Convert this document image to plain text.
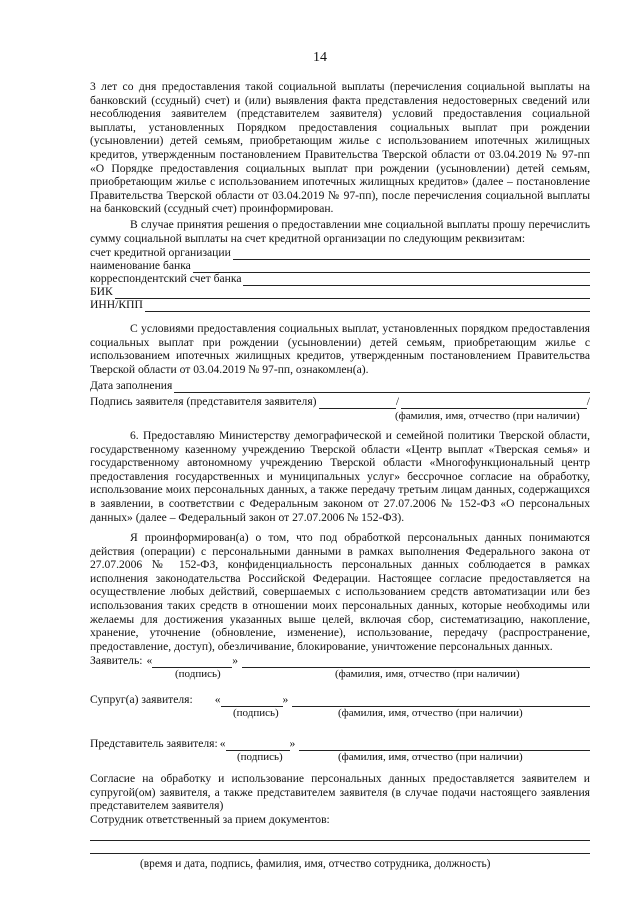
14
3 лет со дня предоставления такой социальной выплаты (перечисления социальной выплаты на банковский (ссудный) счет) и (или) выявления факта представления недостоверных сведений или несоблюдения заявителем (представителем заявителя) условий предоставления социальной выплаты, установленных Порядком предоставления социальных выплат при рождении (усыновлении) детей семьям, приобретающим жилье с использованием ипотечных жилищных кредитов, утвержденным постановлением Правительства Тверской области от 03.04.2019 № 97-пп «О Порядке предоставления социальных выплат при рождении (усыновлении) детей семьям, приобретающим жилье с использованием ипотечных жилищных кредитов» (далее – постановление Правительства Тверской области от 03.04.2019 № 97-пп), после перечисления социальной выплаты на банковский (ссудный счет) проинформирован.
В случае принятия решения о предоставлении мне социальной выплаты прошу перечислить сумму социальной выплаты на счет кредитной организации по следующим реквизитам:
счет кредитной организации
наименование банка
корреспондентский счет банка
БИК
ИНН/КПП
С условиями предоставления социальных выплат, установленных порядком предоставления социальных выплат при рождении (усыновлении) детей семьям, приобретающим жилье с использованием ипотечных жилищных кредитов, утвержденным постановлением Правительства Тверской области от 03.04.2019 № 97-пп, ознакомлен(а).
Дата заполнения
Подпись заявителя (представителя заявителя)	/	/
(фамилия, имя, отчество (при наличии)
6. Предоставляю Министерству демографической и семейной политики Тверской области, государственному казенному учреждению Тверской области «Центр выплат «Тверская семья» и государственному автономному учреждению Тверской области «Многофункциональный центр предоставления государственных и муниципальных услуг» бессрочное согласие на обработку, использование моих персональных данных, а также передачу третьим лицам данных, содержащихся в заявлении, в соответствии с Федеральным законом от 27.07.2006 № 152-ФЗ «О персональных данных» (далее – Федеральный закон от 27.07.2006 № 152-ФЗ).
Я проинформирован(а) о том, что под обработкой персональных данных понимаются действия (операции) с персональными данными в рамках выполнения Федерального закона от 27.07.2006 № 152-ФЗ, конфиденциальность персональных данных соблюдается в рамках исполнения законодательства Российской Федерации. Настоящее согласие предоставляется на осуществление любых действий, совершаемых с использованием средств автоматизации или без использования таких средств в отношении моих персональных данных, которые необходимы или желаемы для достижения указанных выше целей, включая сбор, систематизацию, накопление, хранение, уточнение (обновление, изменение), использование, передачу (распространение, предоставление, доступ), обезличивание, блокирование, уничтожение персональных данных.
Заявитель: «	»
(подпись)	(фамилия, имя, отчество (при наличии)
Супруг(а) заявителя: «	»
(подпись)	(фамилия, имя, отчество (при наличии)
Представитель заявителя: «	»
(подпись)	(фамилия, имя, отчество (при наличии)
Согласие на обработку и использование персональных данных предоставляется заявителем и супругой(ом) заявителя, а также представителем заявителя (в случае подачи настоящего заявления представителем заявителя)
Сотрудник ответственный за прием документов:
(время и дата, подпись, фамилия, имя, отчество сотрудника, должность)
